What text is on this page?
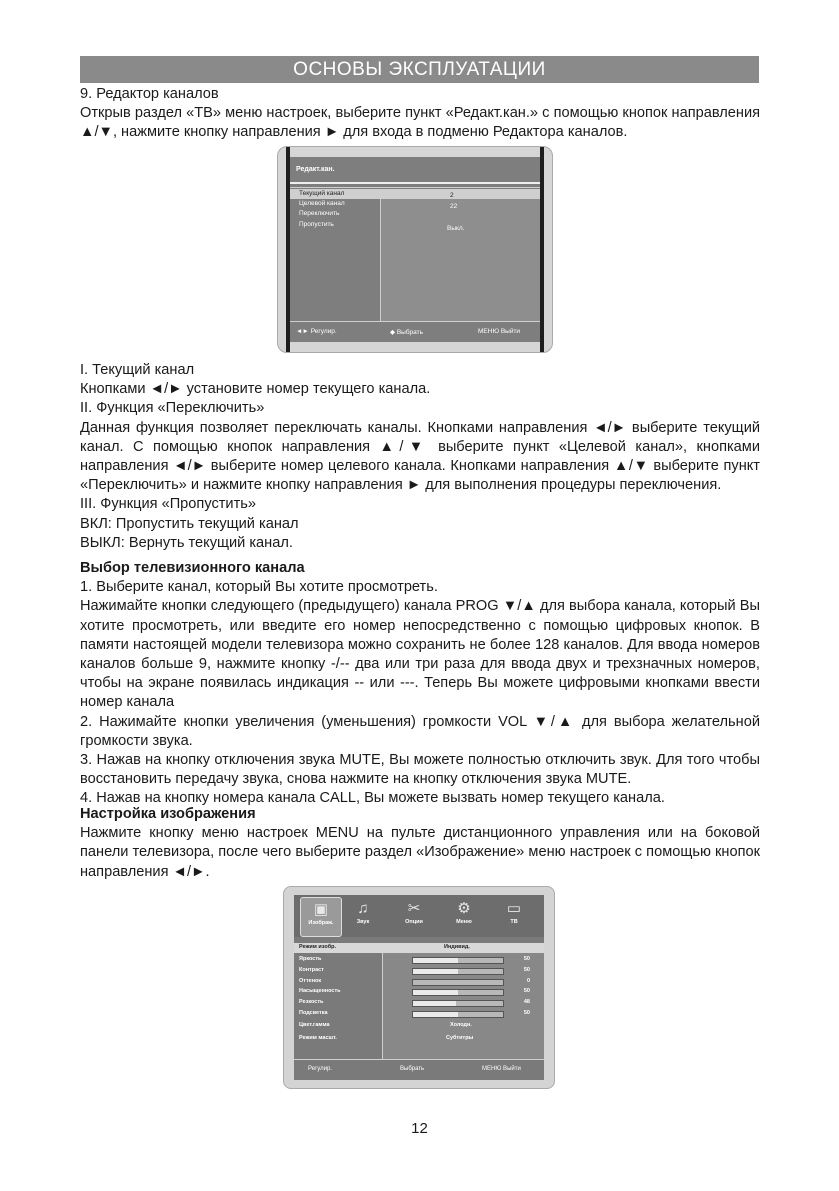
ОСНОВЫ ЭКСПЛУАТАЦИИ

9. Редактор каналов

Открыв раздел «ТВ» меню настроек, выберите пункт «Редакт.кан.» с помощью кнопок направления ▲/▼, нажмите кнопку направления ► для входа в подменю Редактора каналов.

Редакт.кан.
Текущий канал	2
Целевой канал	22
Переключить
Пропустить
Выкл.
◄► Регулир.	◆ Выбрать	МЕНЮ Выйти

I. Текущий канал

Кнопками ◄/► установите номер текущего канала.

II. Функция «Переключить»

Данная функция позволяет переключать каналы. Кнопками направления ◄/► выберите текущий канал. С помощью кнопок направления ▲/▼ выберите пункт «Целевой канал», кнопками направления ◄/► выберите номер целевого канала. Кнопками направления ▲/▼ выберите пункт «Переключить» и нажмите кнопку направления ► для выполнения процедуры переключения.

III. Функция «Пропустить»

ВКЛ: Пропустить текущий канал

ВЫКЛ: Вернуть текущий канал.

Выбор телевизионного канала

1. Выберите канал, который Вы хотите просмотреть.

Нажимайте кнопки следующего (предыдущего) канала PROG ▼/▲ для выбора канала, который Вы хотите просмотреть, или введите его номер непосредственно с помощью цифровых кнопок. В памяти настоящей модели телевизора можно сохранить не более 128 каналов. Для ввода номеров каналов больше 9, нажмите кнопку -/-- два или три раза для ввода двух и трехзначных номеров, чтобы на экране появилась индикация -- или ---. Теперь Вы можете цифровыми кнопками ввести номер канала

2. Нажимайте кнопки увеличения (уменьшения) громкости VOL ▼/▲ для выбора желательной громкости звука.

3. Нажав на кнопку отключения звука MUTE, Вы можете полностью отключить звук. Для того чтобы восстановить передачу звука, снова нажмите на кнопку отключения звука MUTE.

4. Нажав на кнопку номера канала CALL, Вы можете вызвать номер текущего канала.

Настройка изображения

Нажмите кнопку меню настроек MENU на пульте дистанционного управления или на боковой панели телевизора, после чего выберите раздел «Изображение» меню настроек с помощью кнопок направления ◄/►.

▣
Изображ.
♫
Звук
✂
Опции
⚙
Меню
▭
ТВ
Режим изобр.	Индивид.
Яркость	50
Контраст	50
Оттенок	0
Насыщенность	50
Резкость	48
Подсветка	50
Цвет.гамма	Холодн.
Режим масшт.	Субтитры
Регулир.	Выбрать	МЕНЮ Выйти
12
